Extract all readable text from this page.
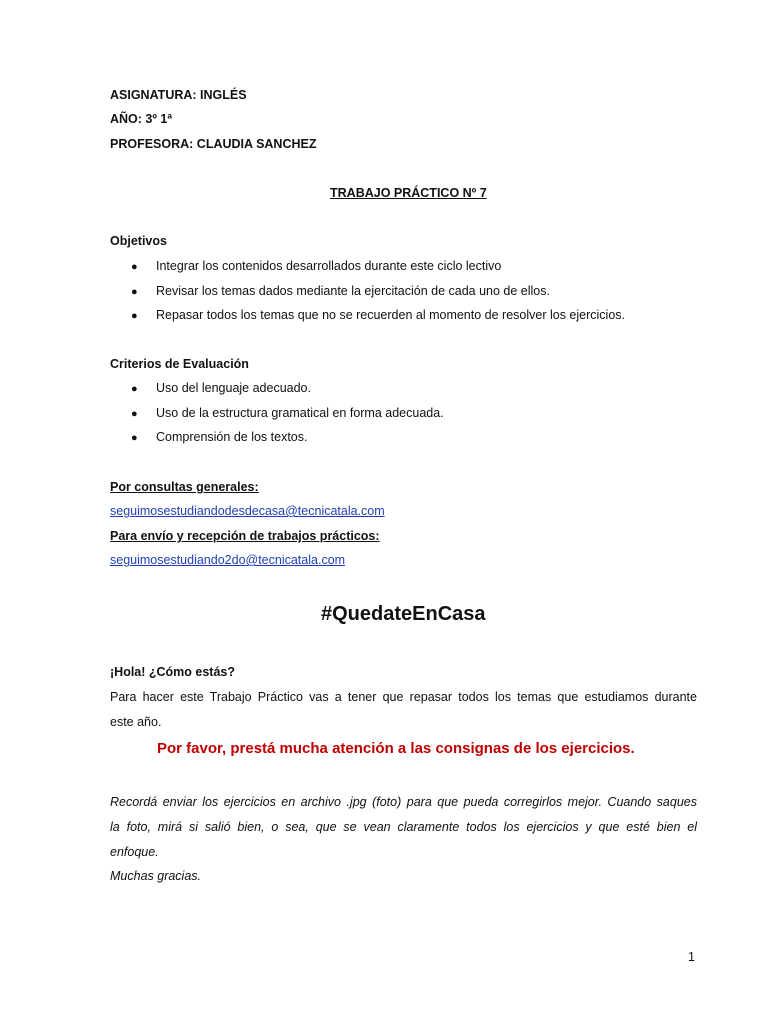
ASIGNATURA: INGLÉS
AÑO: 3º 1ª
PROFESORA: CLAUDIA SANCHEZ
TRABAJO PRÁCTICO Nº 7
Objetivos
● Integrar los contenidos desarrollados durante este ciclo lectivo
● Revisar los temas dados mediante la ejercitación de cada uno de ellos.
● Repasar todos los temas que no se recuerden al momento de resolver los ejercicios.
Criterios de Evaluación
● Uso del lenguaje adecuado.
● Uso de la estructura gramatical en forma adecuada.
● Comprensión de los textos.
Por consultas generales:
seguimosestudiandodesdecasa@tecnicatala.com
Para envío y recepción de trabajos prácticos:
seguimosestudiando2do@tecnicatala.com
#QuedateEnCasa
¡Hola! ¿Cómo estás?
Para hacer este Trabajo Práctico vas a tener que repasar todos los temas que estudiamos durante
este año.
Por favor, prestá mucha atención a las consignas de los ejercicios.
Recordá enviar los ejercicios en archivo .jpg (foto) para que pueda corregirlos mejor. Cuando saques
la foto, mirá si salió bien, o sea, que se vean claramente todos los ejercicios y que esté bien el
enfoque.
Muchas gracias.
1
